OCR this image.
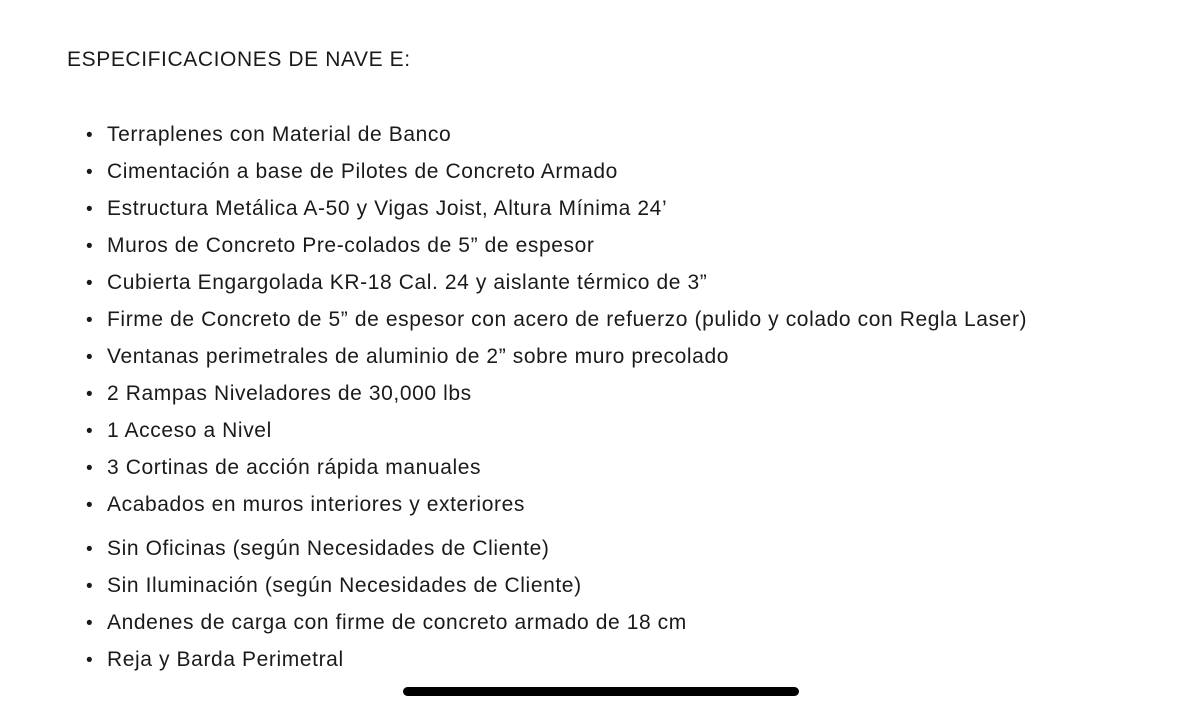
ESPECIFICACIONES DE NAVE E:
• Terraplenes con Material de Banco
• Cimentación a base de Pilotes de Concreto Armado
• Estructura Metálica A-50 y Vigas Joist, Altura Mínima 24’
• Muros de Concreto Pre-colados de 5” de espesor
• Cubierta Engargolada KR-18 Cal. 24 y aislante térmico de 3”
• Firme de Concreto de 5” de espesor con acero de refuerzo (pulido y colado con Regla Laser)
• Ventanas perimetrales de aluminio de 2” sobre muro precolado
• 2 Rampas Niveladores de 30,000 lbs
• 1 Acceso a Nivel
• 3 Cortinas de acción rápida manuales
• Acabados en muros interiores y exteriores
• Sin Oficinas (según Necesidades de Cliente)
• Sin Iluminación (según Necesidades de Cliente)
• Andenes de carga con firme de concreto armado de 18 cm
• Reja y Barda Perimetral
